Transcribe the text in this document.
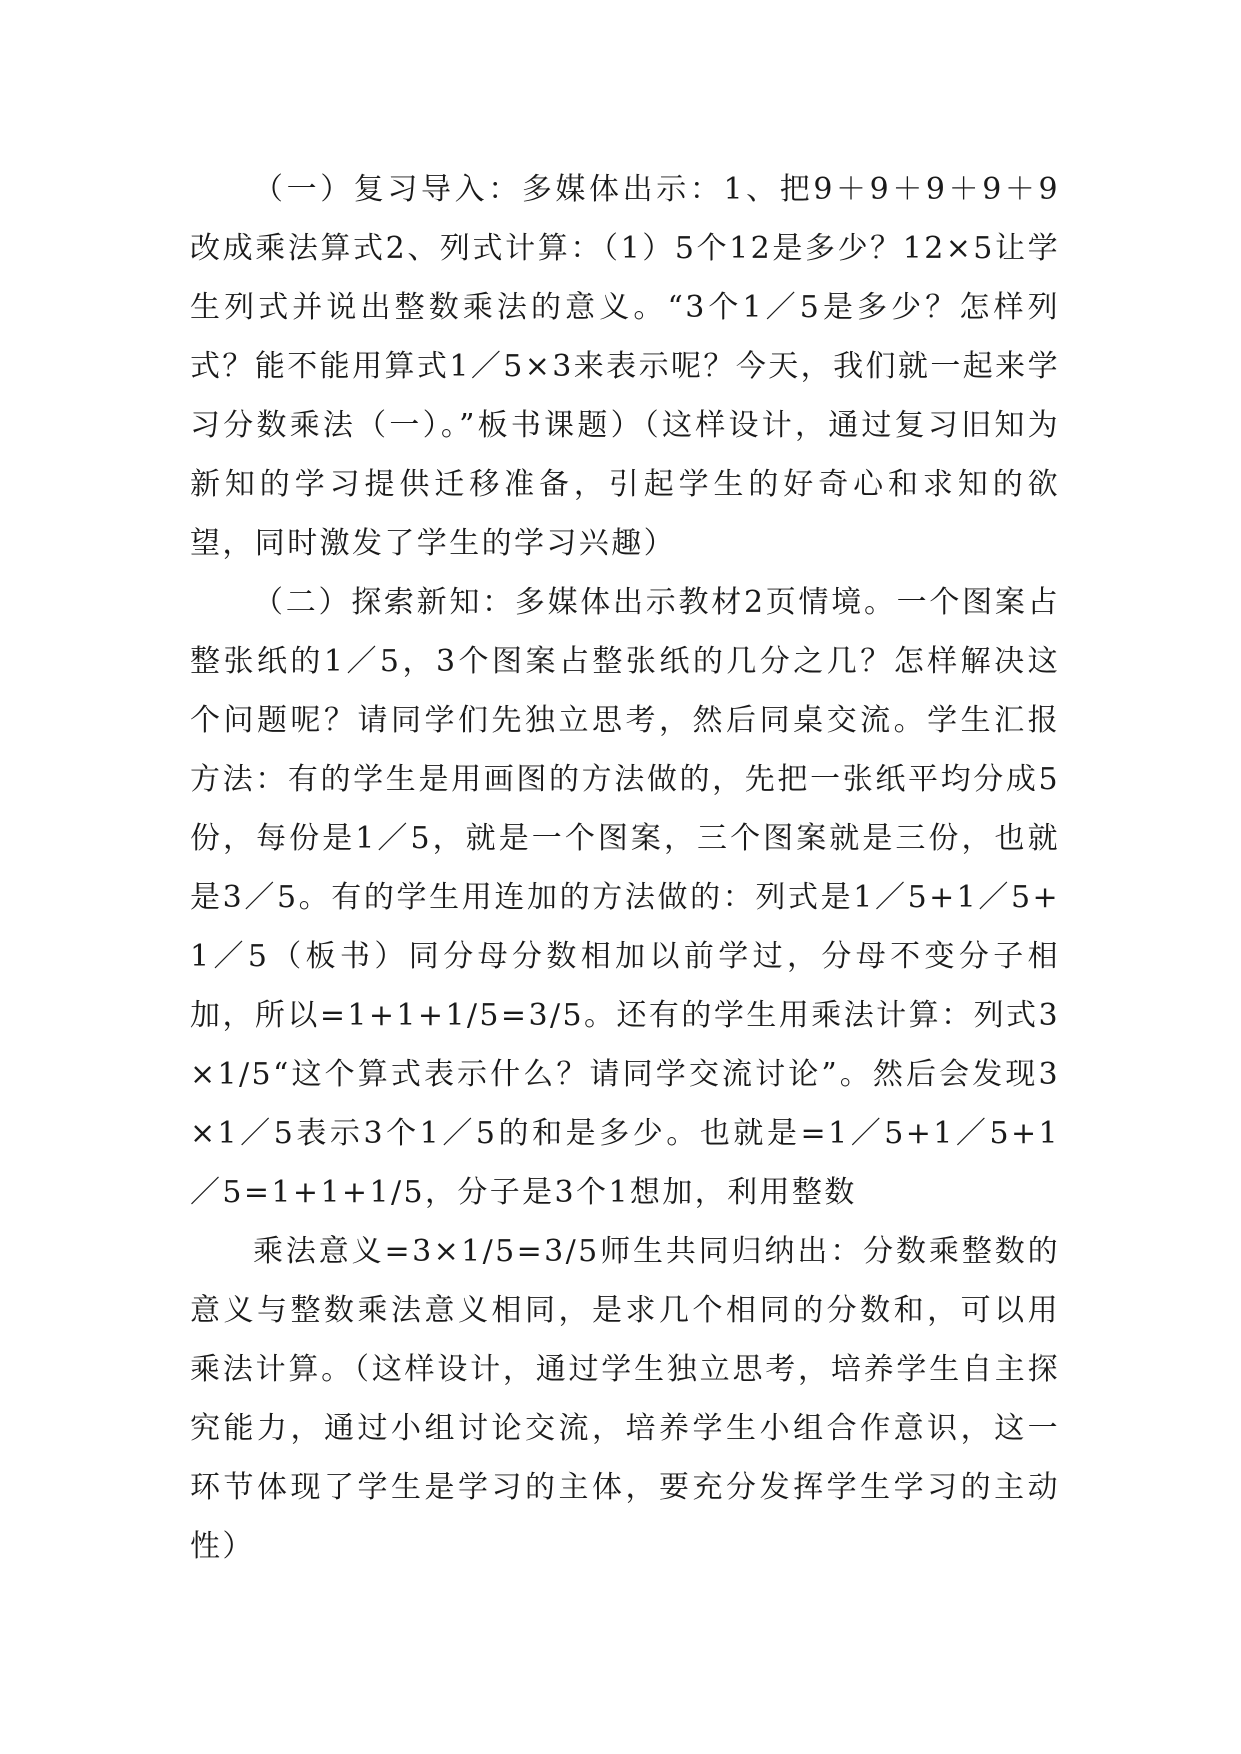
（一）复习导入：多媒体出示：1、把9＋9＋9＋9＋9改成乘法算式2、列式计算：（1）5个12是多少？12×5让学生列式并说出整数乘法的意义。“3个1／5是多少？怎样列式？能不能用算式1／5×3来表示呢？今天，我们就一起来学习分数乘法（一）。”板书课题）（这样设计，通过复习旧知为新知的学习提供迁移准备，引起学生的好奇心和求知的欲望，同时激发了学生的学习兴趣）

（二）探索新知：多媒体出示教材2页情境。一个图案占整张纸的1／5，3个图案占整张纸的几分之几？怎样解决这个问题呢？请同学们先独立思考，然后同桌交流。学生汇报方法：有的学生是用画图的方法做的，先把一张纸平均分成5份，每份是1／5，就是一个图案，三个图案就是三份，也就是3／5。有的学生用连加的方法做的：列式是1／5+1／5+1／5（板书）同分母分数相加以前学过，分母不变分子相加，所以=1+1+1/5=3/5。还有的学生用乘法计算：列式3×1/5“这个算式表示什么？请同学交流讨论”。然后会发现3×1／5表示3个1／5的和是多少。也就是=1／5+1／5+1／5=1+1+1/5，分子是3个1想加，利用整数

乘法意义=3×1/5=3/5师生共同归纳出：分数乘整数的意义与整数乘法意义相同，是求几个相同的分数和，可以用乘法计算。（这样设计，通过学生独立思考，培养学生自主探究能力，通过小组讨论交流，培养学生小组合作意识，这一环节体现了学生是学习的主体，要充分发挥学生学习的主动性）
